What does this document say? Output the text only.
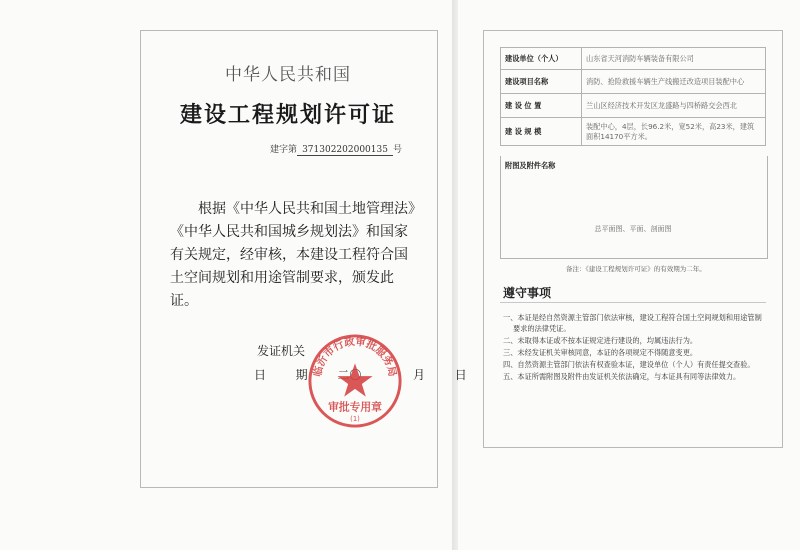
中华人民共和国
建设工程规划许可证
建字第 371302202000135 号
根据《中华人民共和国土地管理法》《中华人民共和国城乡规划法》和国家有关规定，经审核，本建设工程符合国土空间规划和用途管制要求，颁发此证。
发证机关
日 期 二〇	月 日
临沂市行政审批服务局
审批专用章
(1)
建设单位（个人）	山东省天河消防车辆装备有限公司
建设项目名称	消防、抢险救援车辆生产线搬迁改造项目装配中心
建 设 位 置	兰山区经济技术开发区龙盛路与四桥路交会西北
建 设 规 模	装配中心，4层，长96.2米，宽52米，高23米，建筑面积14170平方米。
附图及附件名称
总平面图、平面、剖面图
备注：《建设工程规划许可证》的有效期为二年。
遵守事项
一、本证是经自然资源主管部门依法审核，建设工程符合国土空间规划和用途管制要求的法律凭证。
二、未取得本证或不按本证规定进行建设的，均属违法行为。
三、未经发证机关审核同意，本证的各项规定不得随意变更。
四、自然资源主管部门依法有权查验本证，建设单位（个人）有责任提交查验。
五、本证所需附图及附件由发证机关依法确定，与本证具有同等法律效力。
